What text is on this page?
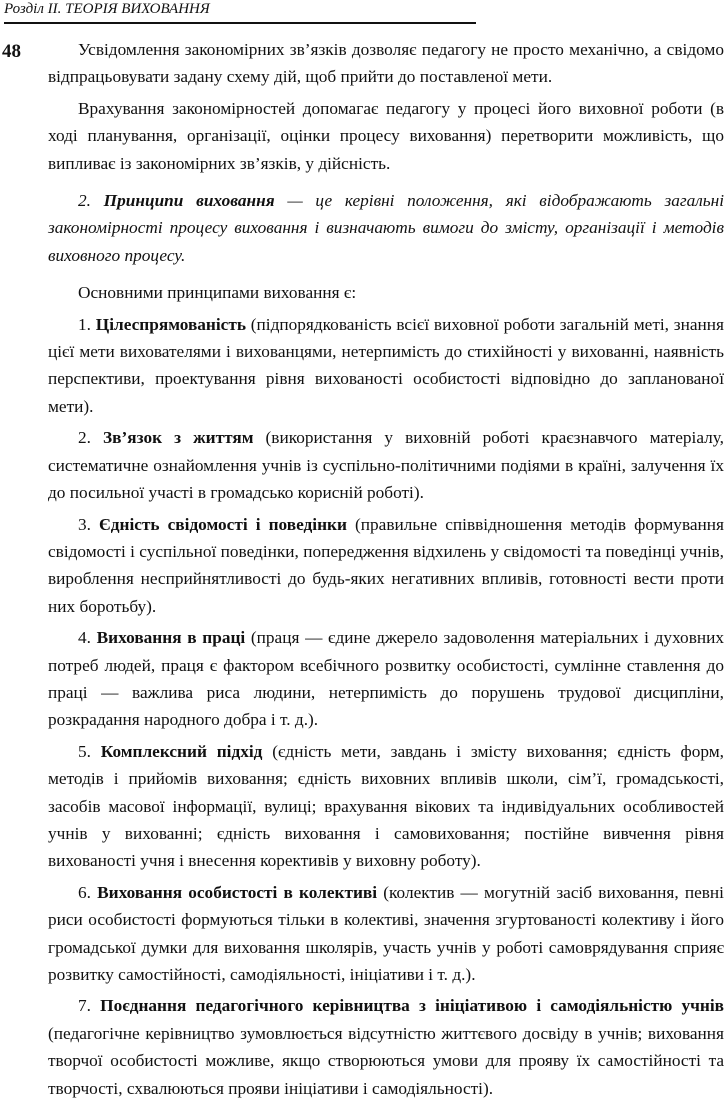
Розділ ІІ. ТЕОРІЯ ВИХОВАННЯ
48	Усвідомлення закономірних зв’язків дозволяє педагогу не просто механічно, а свідомо відпрацьовувати задану схему дій, щоб прийти до поставленої мети.

Врахування закономірностей допомагає педагогу у процесі його виховної роботи (в ході планування, організації, оцінки процесу виховання) перетворити можливість, що випливає із закономірних зв’язків, у дійсність.

2. Принципи виховання — це керівні положення, які відображають загальні закономірності процесу виховання і визначають вимоги до змісту, організації і методів виховного процесу.

Основними принципами виховання є:

1. Цілеспрямованість (підпорядкованість всієї виховної роботи загальній меті, знання цієї мети вихователями і вихованцями, нетерпимість до стихійності у вихованні, наявність перспективи, проектування рівня вихованості особистості відповідно до запланованої мети).

2. Зв’язок з життям (використання у виховній роботі краєзнавчого матеріалу, систематичне ознайомлення учнів із суспільно-політичними подіями в країні, залучення їх до посильної участі в громадсько корисній роботі).

3. Єдність свідомості і поведінки (правильне співвідношення методів формування свідомості і суспільної поведінки, попередження відхилень у свідомості та поведінці учнів, вироблення несприйнятливості до будь-яких негативних впливів, готовності вести проти них боротьбу).

4. Виховання в праці (праця — єдине джерело задоволення матеріальних і духовних потреб людей, праця є фактором всебічного розвитку особистості, сумлінне ставлення до праці — важлива риса людини, нетерпимість до порушень трудової дисципліни, розкрадання народного добра і т. д.).

5. Комплексний підхід (єдність мети, завдань і змісту виховання; єдність форм, методів і прийомів виховання; єдність виховних впливів школи, сім’ї, громадськості, засобів масової інформації, вулиці; врахування вікових та індивідуальних особливостей учнів у вихованні; єдність виховання і самовиховання; постійне вивчення рівня вихованості учня і внесення корективів у виховну роботу).

6. Виховання особистості в колективі (колектив — могутній засіб виховання, певні риси особистості формуються тільки в колективі, значення згуртованості колективу і його громадської думки для виховання школярів, участь учнів у роботі самоврядування сприяє розвитку самостійності, самодіяльності, ініціативи і т. д.).

7. Поєднання педагогічного керівництва з ініціативою і самодіяльністю учнів (педагогічне керівництво зумовлюється відсутністю життєвого досвіду в учнів; виховання творчої особистості можливе, якщо створюються умови для прояву їх самостійності та творчості, схвалюються прояви ініціативи і самодіяльності).
